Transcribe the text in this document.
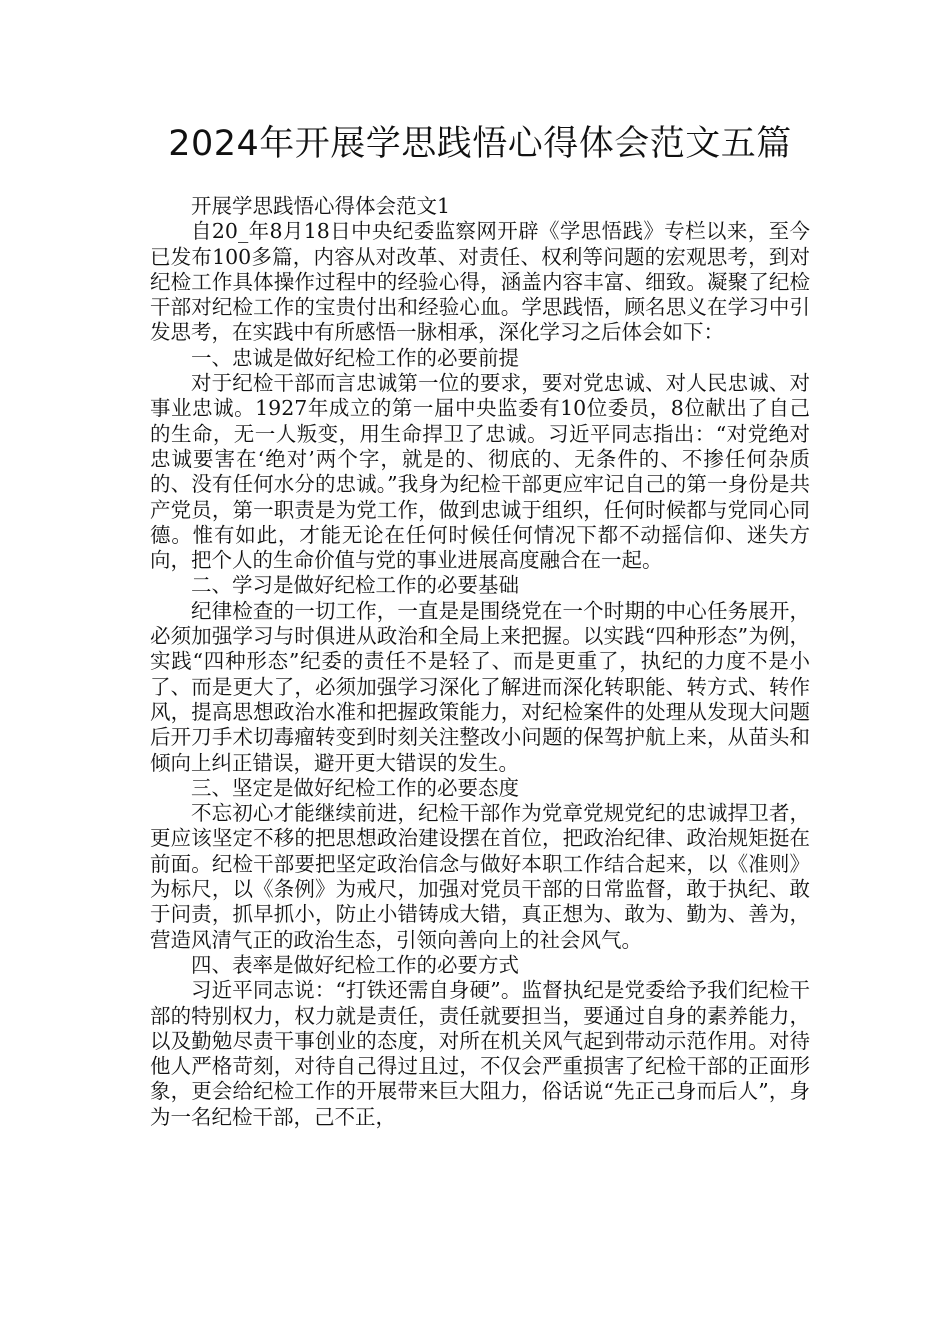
2024年开展学思践悟心得体会范文五篇

开展学思践悟心得体会范文1

自20_年8月18日中央纪委监察网开辟《学思悟践》专栏以来，至今已发布100多篇，内容从对改革、对责任、权利等问题的宏观思考，到对纪检工作具体操作过程中的经验心得，涵盖内容丰富、细致。凝聚了纪检干部对纪检工作的宝贵付出和经验心血。学思践悟，顾名思义在学习中引发思考，在实践中有所感悟一脉相承，深化学习之后体会如下：

一、忠诚是做好纪检工作的必要前提

对于纪检干部而言忠诚第一位的要求，要对党忠诚、对人民忠诚、对事业忠诚。1927年成立的第一届中央监委有10位委员，8位献出了自己的生命，无一人叛变，用生命捍卫了忠诚。习近平同志指出：“对党绝对忠诚要害在‘绝对’两个字，就是的、彻底的、无条件的、不掺任何杂质的、没有任何水分的忠诚。”我身为纪检干部更应牢记自己的第一身份是共产党员，第一职责是为党工作，做到忠诚于组织，任何时候都与党同心同德。惟有如此，才能无论在任何时候任何情况下都不动摇信仰、迷失方向，把个人的生命价值与党的事业进展高度融合在一起。

二、学习是做好纪检工作的必要基础

纪律检查的一切工作，一直是是围绕党在一个时期的中心任务展开，必须加强学习与时俱进从政治和全局上来把握。以实践“四种形态”为例，实践“四种形态”纪委的责任不是轻了、而是更重了，执纪的力度不是小了、而是更大了，必须加强学习深化了解进而深化转职能、转方式、转作风，提高思想政治水准和把握政策能力，对纪检案件的处理从发现大问题后开刀手术切毒瘤转变到时刻关注整改小问题的保驾护航上来，从苗头和倾向上纠正错误，避开更大错误的发生。

三、坚定是做好纪检工作的必要态度

不忘初心才能继续前进，纪检干部作为党章党规党纪的忠诚捍卫者，更应该坚定不移的把思想政治建设摆在首位，把政治纪律、政治规矩挺在前面。纪检干部要把坚定政治信念与做好本职工作结合起来，以《准则》为标尺，以《条例》为戒尺，加强对党员干部的日常监督，敢于执纪、敢于问责，抓早抓小，防止小错铸成大错，真正想为、敢为、勤为、善为，营造风清气正的政治生态，引领向善向上的社会风气。

四、表率是做好纪检工作的必要方式

习近平同志说：“打铁还需自身硬”。监督执纪是党委给予我们纪检干部的特别权力，权力就是责任，责任就要担当，要通过自身的素养能力，以及勤勉尽责干事创业的态度，对所在机关风气起到带动示范作用。对待他人严格苛刻，对待自己得过且过，不仅会严重损害了纪检干部的正面形象，更会给纪检工作的开展带来巨大阻力，俗话说“先正己身而后人”，身为一名纪检干部，己不正，
